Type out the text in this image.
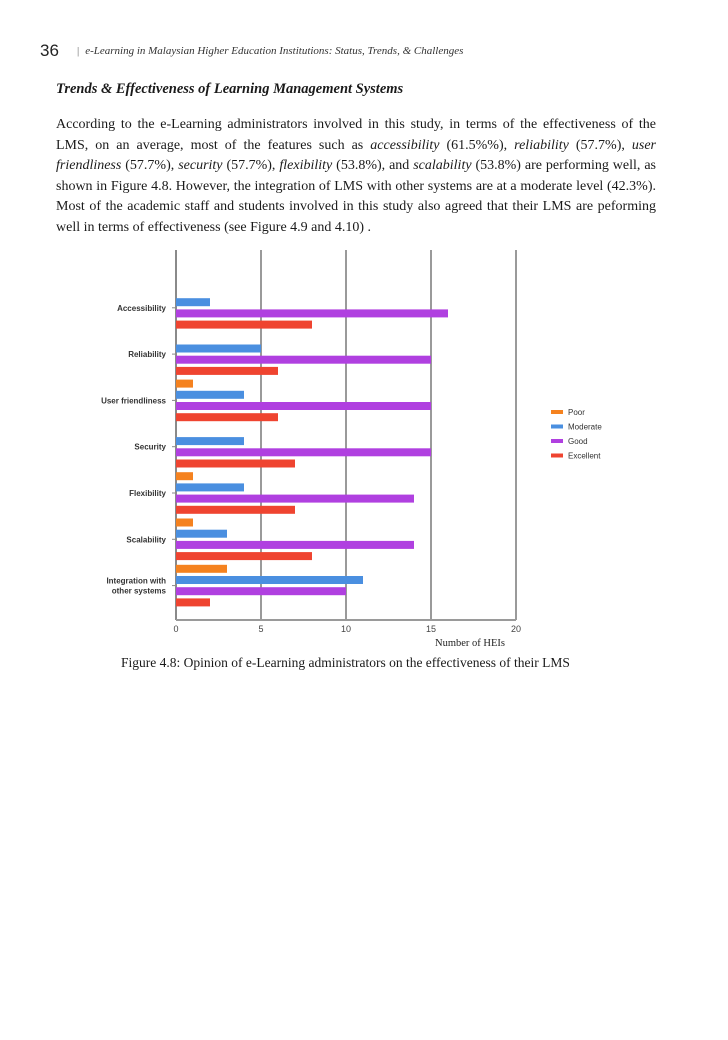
36 | e-Learning in Malaysian Higher Education Institutions: Status, Trends, & Challenges
Trends & Effectiveness of Learning Management Systems
According to the e-Learning administrators involved in this study, in terms of the effectiveness of the LMS, on an average, most of the features such as accessibility (61.5%%), reliability (57.7%), user friendliness (57.7%), security (57.7%), flexibility (53.8%), and scalability (53.8%) are performing well, as shown in Figure 4.8. However, the integration of LMS with other systems are at a moderate level (42.3%). Most of the academic staff and students involved in this study also agreed that their LMS are peforming well in terms of effectiveness (see Figure 4.9 and 4.10) .
0	5	10	15	20
Accessibility
Reliability
User friendliness
Security
Flexibility
Scalability
Integration with other systems
Poor
Moderate
Good
Excellent
Number of HEIs
Figure 4.8: Opinion of e-Learning administrators on the effectiveness of their LMS
